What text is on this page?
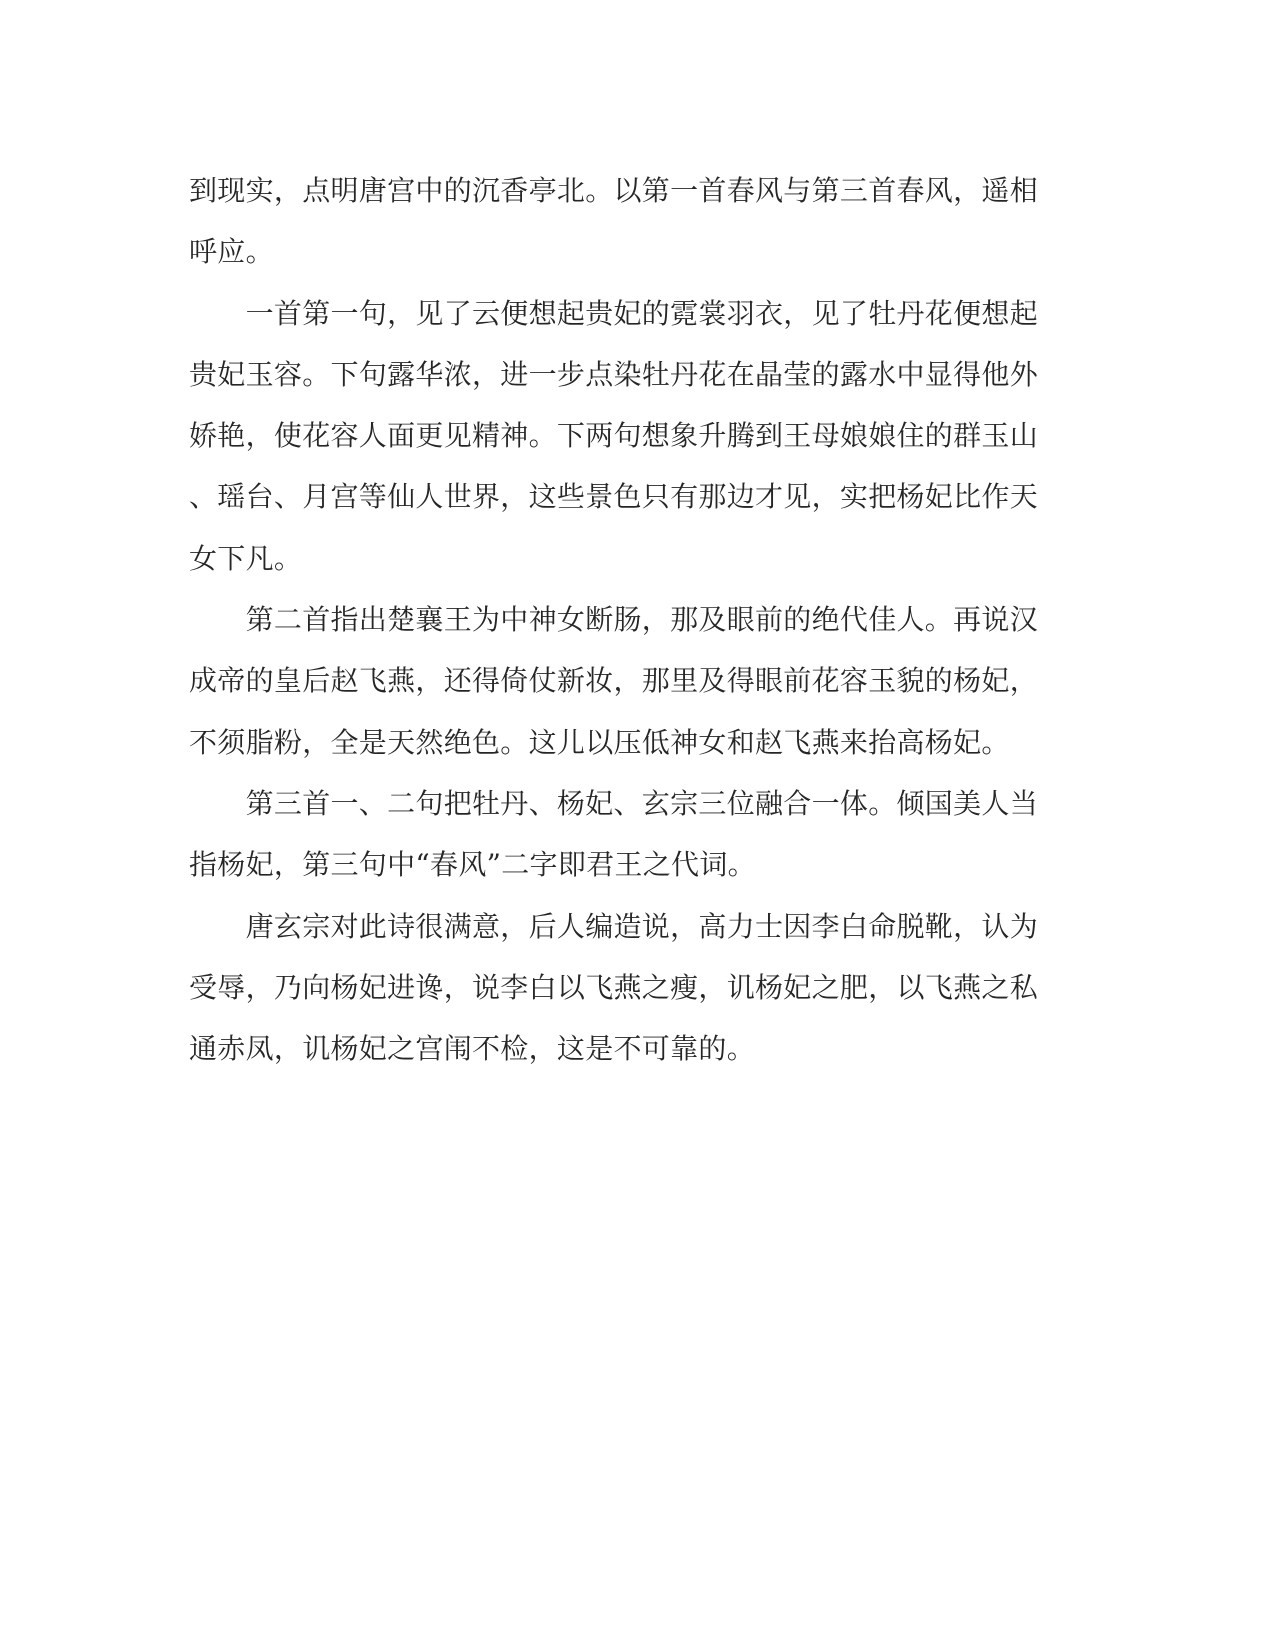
到现实，点明唐宫中的沉香亭北。以第一首春风与第三首春风，遥相
呼应。
　　一首第一句，见了云便想起贵妃的霓裳羽衣，见了牡丹花便想起
贵妃玉容。下句露华浓，进一步点染牡丹花在晶莹的露水中显得他外
娇艳，使花容人面更见精神。下两句想象升腾到王母娘娘住的群玉山
、瑶台、月宫等仙人世界，这些景色只有那边才见，实把杨妃比作天
女下凡。
　　第二首指出楚襄王为中神女断肠，那及眼前的绝代佳人。再说汉
成帝的皇后赵飞燕，还得倚仗新妆，那里及得眼前花容玉貌的杨妃，
不须脂粉，全是天然绝色。这儿以压低神女和赵飞燕来抬高杨妃。
　　第三首一、二句把牡丹、杨妃、玄宗三位融合一体。倾国美人当
指杨妃，第三句中“春风”二字即君王之代词。
　　唐玄宗对此诗很满意，后人编造说，高力士因李白命脱靴，认为
受辱，乃向杨妃进谗，说李白以飞燕之瘦，讥杨妃之肥，以飞燕之私
通赤凤，讥杨妃之宫闱不检，这是不可靠的。
